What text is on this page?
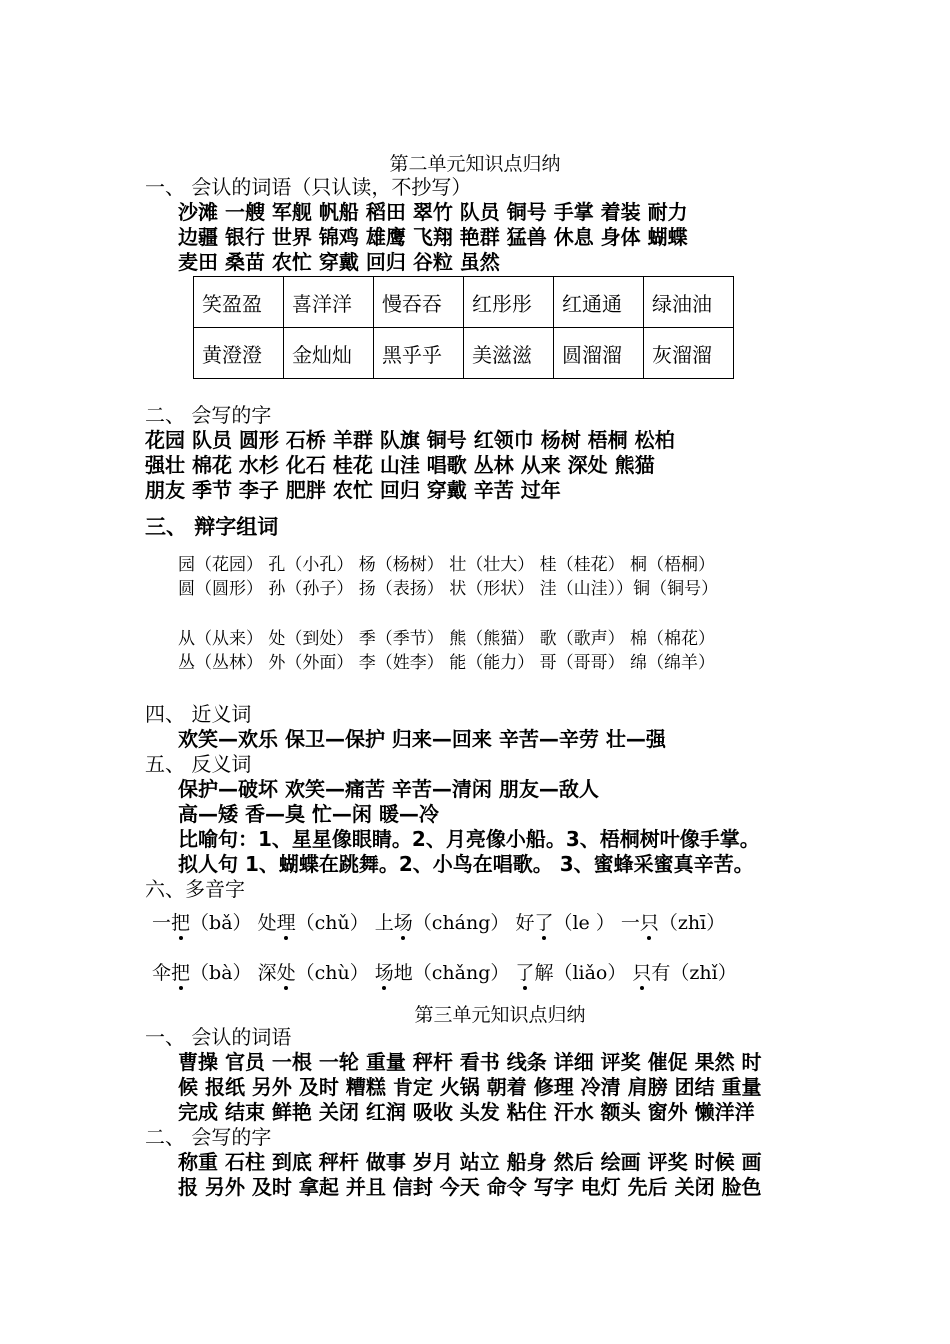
第二单元知识点归纳
一、 会认的词语（只认读，不抄写）
沙滩 一艘 军舰 帆船 稻田 翠竹 队员 铜号 手掌 着装 耐力
边疆 银行 世界 锦鸡 雄鹰 飞翔 艳群 猛兽 休息 身体 蝴蝶
麦田 桑苗 农忙 穿戴 回归 谷粒 虽然
笑盈盈	喜洋洋	慢吞吞	红彤彤	红通通	绿油油
黄澄澄	金灿灿	黑乎乎	美滋滋	圆溜溜	灰溜溜
二、 会写的字
花园 队员 圆形 石桥 羊群 队旗 铜号 红领巾 杨树 梧桐 松柏
强壮 棉花 水杉 化石 桂花 山洼 唱歌 丛林 从来 深处 熊猫
朋友 季节 李子 肥胖 农忙 回归 穿戴 辛苦 过年
三、 辩字组词
园（花园） 孔（小孔） 杨（杨树） 壮（壮大） 桂（桂花） 桐（梧桐）
圆（圆形） 孙（孙子） 扬（表扬） 状（形状） 洼（山洼））铜（铜号）
从（从来） 处（到处） 季（季节） 熊（熊猫） 歌（歌声） 棉（棉花）
丛（丛林） 外（外面） 李（姓李） 能（能力） 哥（哥哥） 绵（绵羊）
四、 近义词
欢笑—欢乐 保卫—保护 归来—回来 辛苦—辛劳 壮—强
五、 反义词
保护—破坏 欢笑—痛苦 辛苦—清闲 朋友—敌人
高—矮 香—臭 忙—闲 暖—冷
比喻句：1、星星像眼睛。2、月亮像小船。3、梧桐树叶像手掌。
拟人句 1、蝴蝶在跳舞。2、小鸟在唱歌。 3、蜜蜂采蜜真辛苦。
六、多音字
一把（bǎ） 处理（chǔ） 上场（cháng） 好了（le ） 一只（zhī）
伞把（bà） 深处（chù） 场地（chǎng） 了解（liǎo） 只有（zhǐ）
第三单元知识点归纳
一、 会认的词语
曹操 官员 一根 一轮 重量 秤杆 看书 线条 详细 评奖 催促 果然 时
候 报纸 另外 及时 糟糕 肯定 火锅 朝着 修理 冷清 肩膀 团结 重量
完成 结束 鲜艳 关闭 红润 吸收 头发 粘住 汗水 额头 窗外 懒洋洋
二、 会写的字
称重 石柱 到底 秤杆 做事 岁月 站立 船身 然后 绘画 评奖 时候 画
报 另外 及时 拿起 并且 信封 今天 命令 写字 电灯 先后 关闭 脸色
